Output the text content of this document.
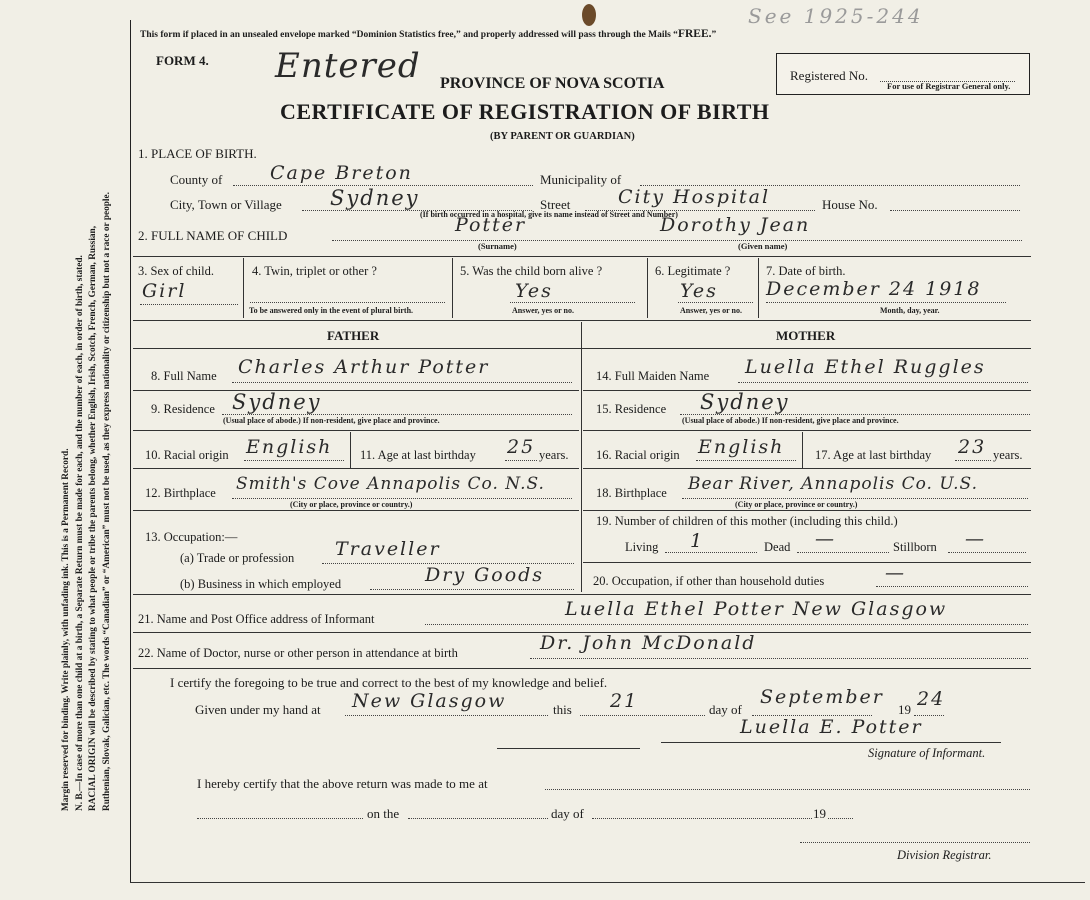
Margin reserved for binding. Write plainly, with unfading ink. This is a Permanent Record. N. B.—In case of more than one child at a birth, a Separate Return must be made for each, and the number of each, in order of birth, stated. RACIAL ORIGIN will be described by stating to what people or tribe the parents belong, whether English, Irish, Scotch, French, German, Russian, Ruthenian, Slovak, Galician, etc. The words “Canadian” or “American” must not be used, as they express nationality or citizenship but not a race or people.
See 1925-244
This form if placed in an unsealed envelope marked “Dominion Statistics free,” and properly addressed will pass through the Mails “FREE.”
FORM 4. Entered PROVINCE OF NOVA SCOTIA
CERTIFICATE OF REGISTRATION OF BIRTH
(BY PARENT OR GUARDIAN)
Registered No.
For use of Registrar General only.
1. PLACE OF BIRTH.
County of	Cape Breton	Municipality of
City, Town or Village Sydney	Street	City Hospital	House No.
(If birth occurred in a hospital, give its name instead of Street and Number)
2. FULL NAME OF CHILD	Potter
(Surname)
Dorothy Jean
(Given name)
3. Sex of child.
Girl
4. Twin, triplet or other ?
To be answered only in the event of plural birth.
5. Was the child born alive ?
Yes
Answer, yes or no.
6. Legitimate ?
Yes
Answer, yes or no.
7. Date of birth.
December 24 1918
Month, day, year.
FATHER	MOTHER
8. Full Name Charles Arthur Potter
9. Residence Sydney
(Usual place of abode.) If non-resident, give place and province.
10. Racial origin English 11. Age at last birthday 25 years.
12. Birthplace Smith's Cove Annapolis Co. N.S.
(City or place, province or country.)
13. Occupation:—
(a) Trade or profession Traveller
(b) Business in which employed	Dry Goods
14. Full Maiden Name Luella Ethel Ruggles
15. Residence Sydney
(Usual place of abode.) If non-resident, give place and province.
16. Racial origin English 17. Age at last birthday 23 years.
18. Birthplace Bear River, Annapolis Co. U.S.
(City or place, province or country.)
19. Number of children of this mother (including this child.)
Living 1	Dead —	Stillborn —
20. Occupation, if other than household duties	—
21. Name and Post Office address of Informant	Luella Ethel Potter New Glasgow
22. Name of Doctor, nurse or other person in attendance at birth	Dr. John McDonald
I certify the foregoing to be true and correct to the best of my knowledge and belief.
Given under my hand at New Glasgow	this 21	day of
September
19 24
Luella E. Potter
Signature of Informant.
I hereby certify that the above return was made to me at
on the	day of	19
Division Registrar.
